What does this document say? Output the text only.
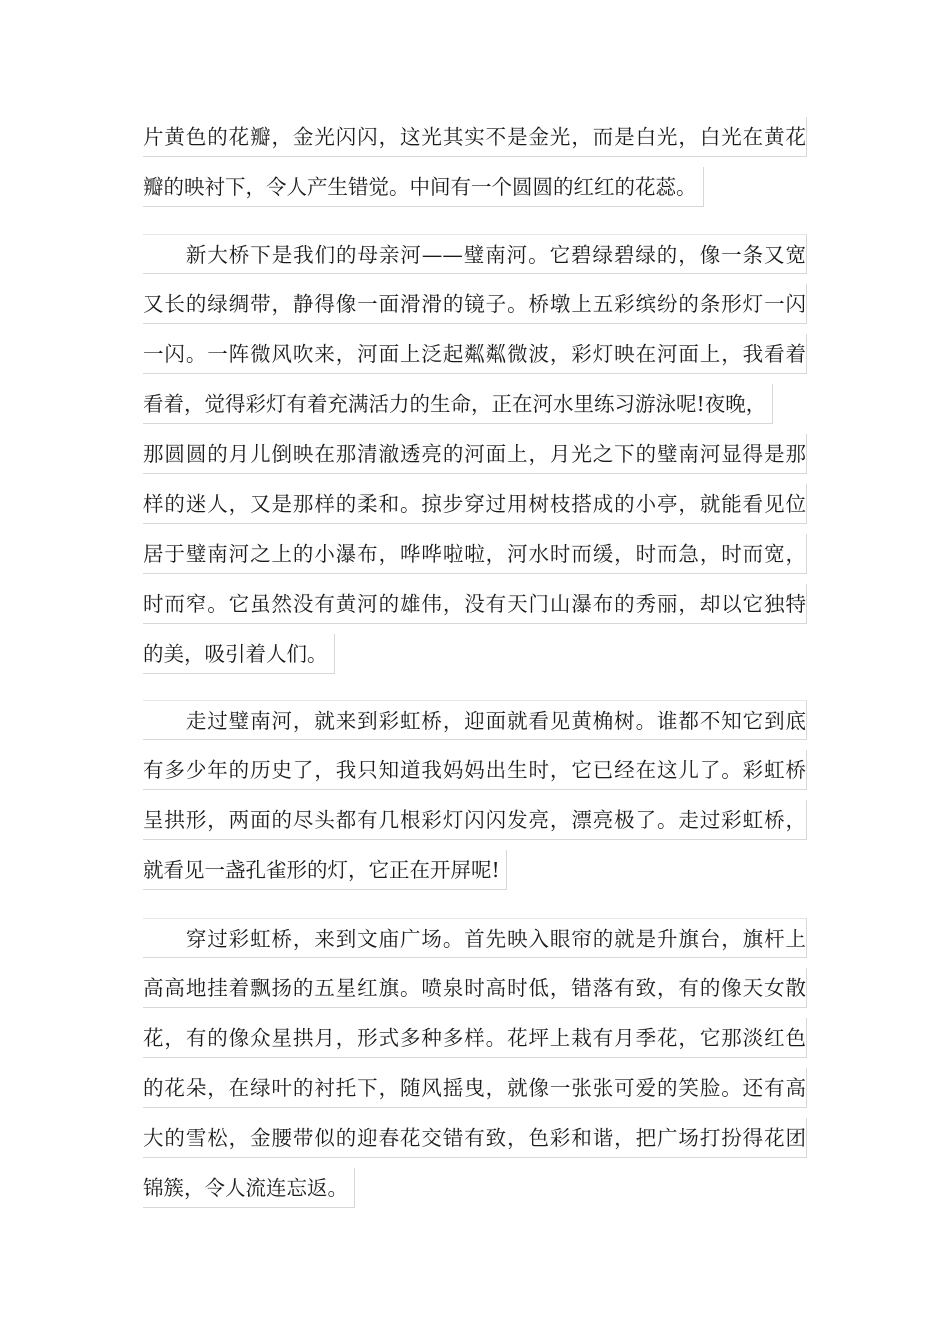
片黄色的花瓣，金光闪闪，这光其实不是金光，而是白光，白光在黄花
瓣的映衬下，令人产生错觉。中间有一个圆圆的红红的花蕊。
　　新大桥下是我们的母亲河——璧南河。它碧绿碧绿的，像一条又宽
又长的绿绸带，静得像一面滑滑的镜子。桥墩上五彩缤纷的条形灯一闪
一闪。一阵微风吹来，河面上泛起粼粼微波，彩灯映在河面上，我看着
看着，觉得彩灯有着充满活力的生命，正在河水里练习游泳呢!夜晚，
那圆圆的月儿倒映在那清澈透亮的河面上，月光之下的璧南河显得是那
样的迷人，又是那样的柔和。掠步穿过用树枝搭成的小亭，就能看见位
居于璧南河之上的小瀑布，哗哗啦啦，河水时而缓，时而急，时而宽，
时而窄。它虽然没有黄河的雄伟，没有天门山瀑布的秀丽，却以它独特
的美，吸引着人们。
　　走过璧南河，就来到彩虹桥，迎面就看见黄桷树。谁都不知它到底
有多少年的历史了，我只知道我妈妈出生时，它已经在这儿了。彩虹桥
呈拱形，两面的尽头都有几根彩灯闪闪发亮，漂亮极了。走过彩虹桥，
就看见一盏孔雀形的灯，它正在开屏呢!
　　穿过彩虹桥，来到文庙广场。首先映入眼帘的就是升旗台，旗杆上
高高地挂着飘扬的五星红旗。喷泉时高时低，错落有致，有的像天女散
花，有的像众星拱月，形式多种多样。花坪上栽有月季花，它那淡红色
的花朵，在绿叶的衬托下，随风摇曳，就像一张张可爱的笑脸。还有高
大的雪松，金腰带似的迎春花交错有致，色彩和谐，把广场打扮得花团
锦簇，令人流连忘返。
